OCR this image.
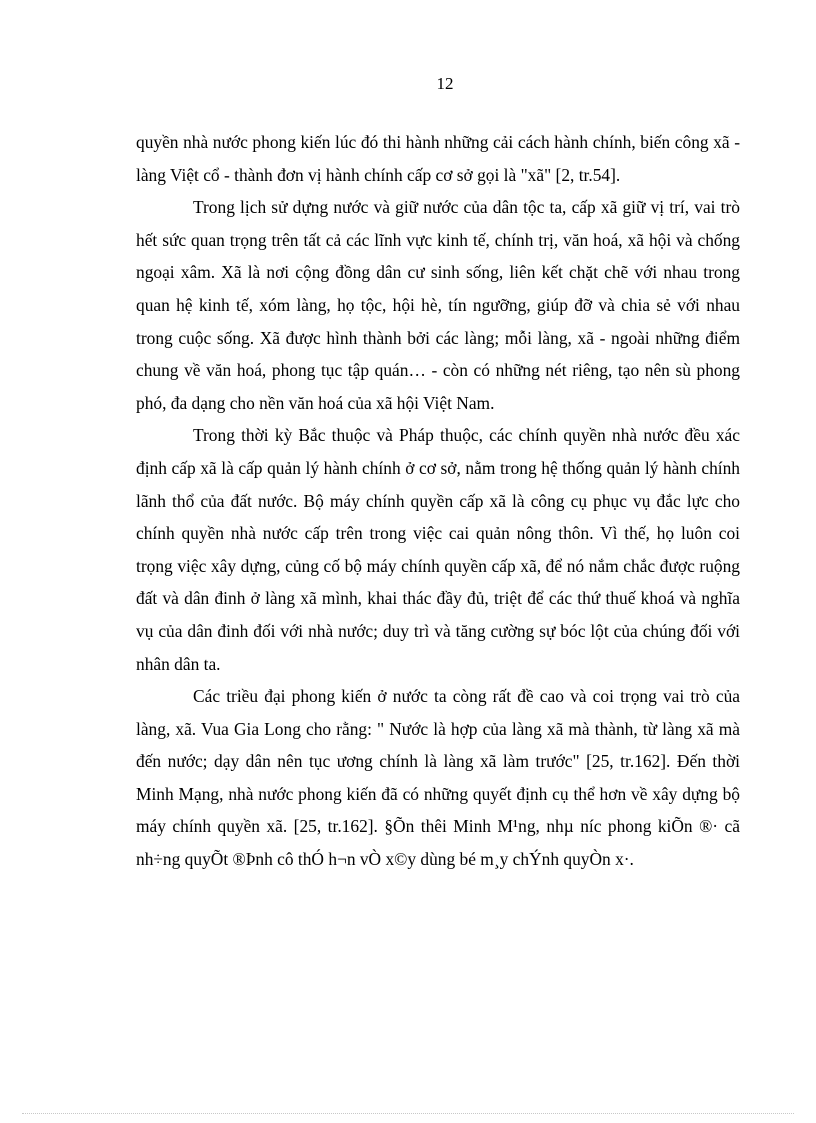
12

quyền nhà nước phong kiến lúc đó thi hành những cải cách hành chính, biến công xã - làng Việt cổ - thành đơn vị hành chính cấp cơ sở gọi là "xã" [2, tr.54].

Trong lịch sử dựng nước và giữ nước của dân tộc ta, cấp xã giữ vị trí, vai trò hết sức quan trọng trên tất cả các lĩnh vực kinh tế, chính trị, văn hoá, xã hội và chống ngoại xâm. Xã là nơi cộng đồng dân cư sinh sống, liên kết chặt chẽ với nhau trong quan hệ kinh tế, xóm làng, họ tộc, hội hè, tín ngưỡng, giúp đỡ và chia sẻ với nhau trong cuộc sống. Xã được hình thành bởi các làng; mỗi làng, xã - ngoài những điểm chung về văn hoá, phong tục tập quán… - còn có những nét riêng, tạo nên sù phong phó, đa dạng cho nền văn hoá của xã hội Việt Nam.

Trong thời kỳ Bắc thuộc và Pháp thuộc, các chính quyền nhà nước đều xác định cấp xã là cấp quản lý hành chính ở cơ sở, nằm trong hệ thống quản lý hành chính lãnh thổ của đất nước. Bộ máy chính quyền cấp xã là công cụ phục vụ đắc lực cho chính quyền nhà nước cấp trên trong việc cai quản nông thôn. Vì thế, họ luôn coi trọng việc xây dựng, củng cố bộ máy chính quyền cấp xã, để nó nắm chắc được ruộng đất và dân đinh ở làng xã mình, khai thác đầy đủ, triệt để các thứ thuế khoá và nghĩa vụ của dân đinh đối với nhà nước; duy trì và tăng cường sự bóc lột của chúng đối với nhân dân ta.

Các triều đại phong kiến ở nước ta còng rất đề cao và coi trọng vai trò của làng, xã. Vua Gia Long cho rằng: " Nước là hợp của làng xã mà thành, từ làng xã mà đến nước; dạy dân nên tục ương chính là làng xã làm trước" [25, tr.162]. Đến thời Minh Mạng, nhà nước phong kiến đã có những quyết định cụ thể hơn về xây dựng bộ máy chính quyền xã. [25, tr.162]. §Õn thêi Minh M¹ng, nhµ níc phong kiÕn ®· cã nh÷ng quyÕt ®Þnh cô thÓ h¬n vÒ x©y dùng bé m¸y chÝnh quyÒn x·.
